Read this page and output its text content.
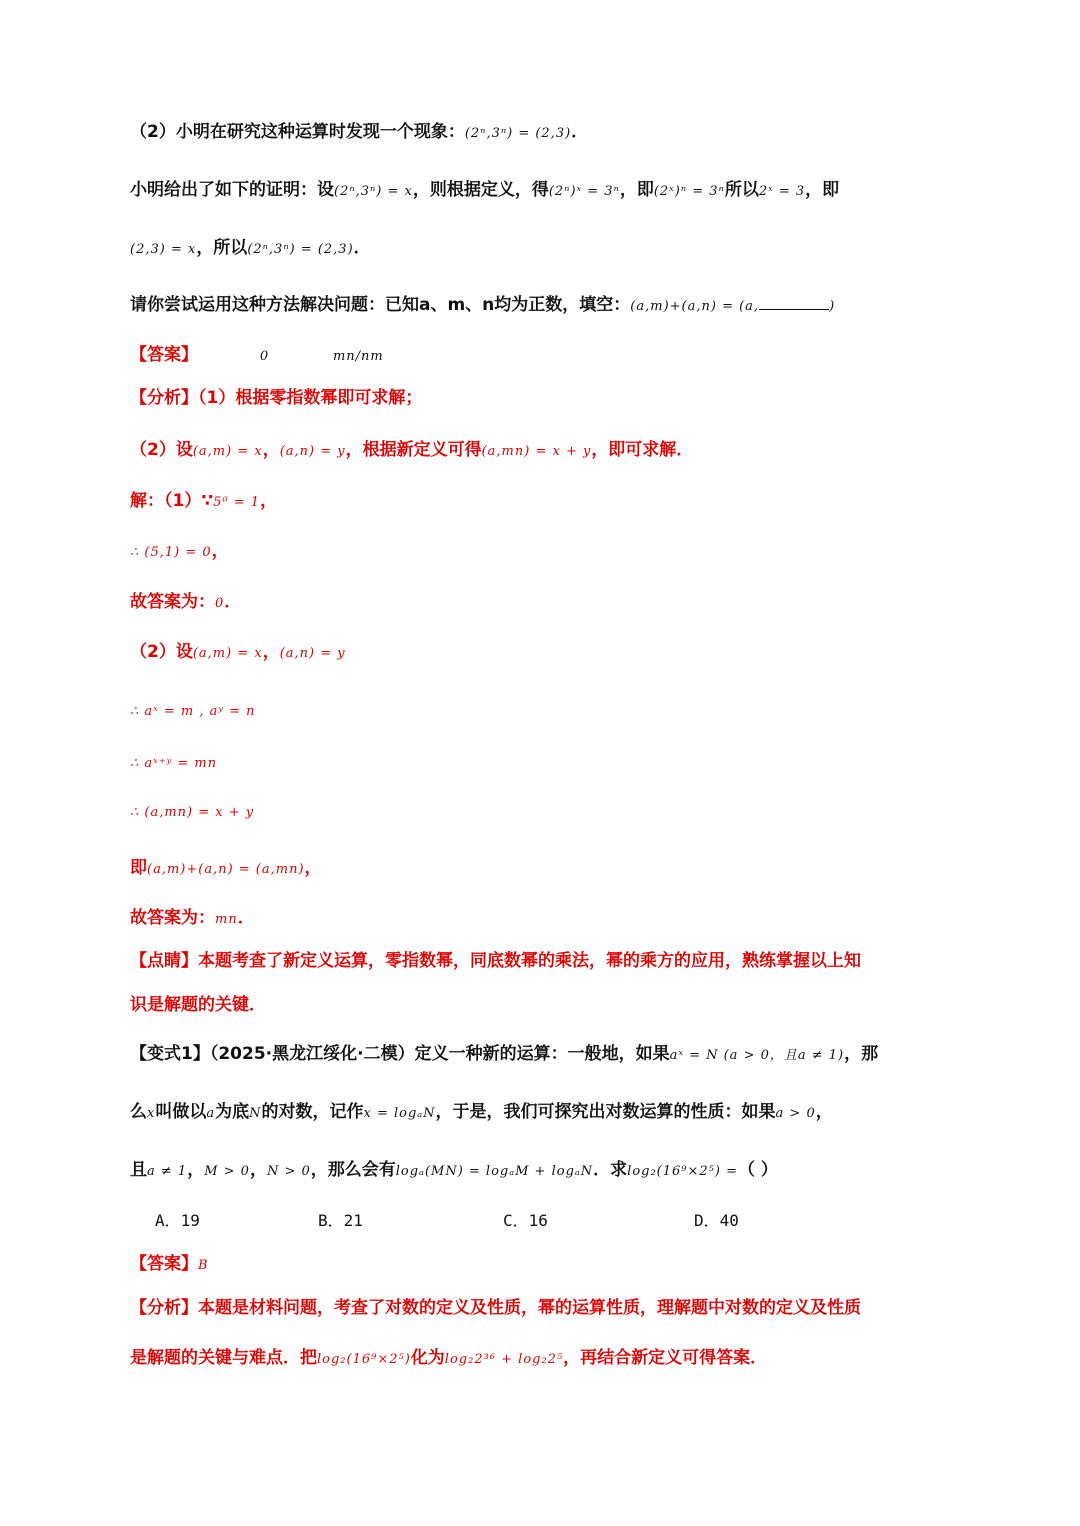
（2）小明在研究这种运算时发现一个现象：(2ⁿ,3ⁿ) = (2,3)．
小明给出了如下的证明：设(2ⁿ,3ⁿ) = x，则根据定义，得(2ⁿ)ˣ = 3ⁿ，即(2ˣ)ⁿ = 3ⁿ所以2ˣ = 3，即
(2,3) = x，所以(2ⁿ,3ⁿ) = (2,3)．
请你尝试运用这种方法解决问题：已知a、m、n均为正数，填空：(a,m)+(a,n) = (a,	)
【答案】	0	mn/nm
【分析】（1）根据零指数幂即可求解；
（2）设(a,m) = x，(a,n) = y，根据新定义可得(a,mn) = x + y，即可求解．
解：（1）∵5⁰ = 1，
∴ (5,1) = 0，
故答案为：0．
（2）设(a,m) = x，(a,n) = y
∴ aˣ = m , aʸ = n
∴ aˣ⁺ʸ = mn
∴ (a,mn) = x + y
即(a,m)+(a,n) = (a,mn)，
故答案为：mn．
【点睛】本题考查了新定义运算，零指数幂，同底数幂的乘法，幂的乘方的应用，熟练掌握以上知
识是解题的关键．
【变式1】（2025·黑龙江绥化·二模）定义一种新的运算：一般地，如果aˣ = N (a > 0，且a ≠ 1)，那
么x叫做以a为底N的对数，记作x = logₐN，于是，我们可探究出对数运算的性质：如果a > 0，
且a ≠ 1，M > 0，N > 0，那么会有logₐ(MN) = logₐM + logₐN．求log₂(16⁹×2⁵) =（ ）
A．19	B．21	C．16	D．40
【答案】B
【分析】本题是材料问题，考查了对数的定义及性质，幂的运算性质，理解题中对数的定义及性质
是解题的关键与难点．把log₂(16⁹×2⁵)化为log₂2³⁶ + log₂2⁵，再结合新定义可得答案．
